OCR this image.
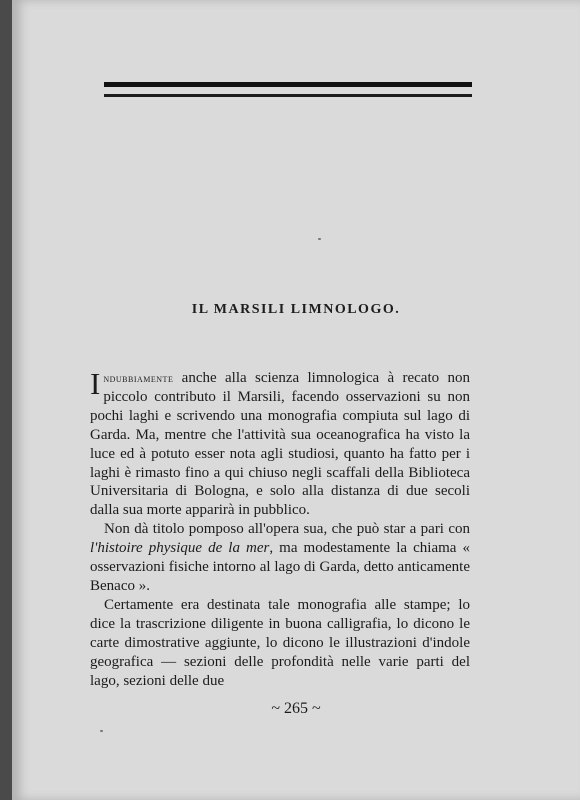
IL MARSILI LIMNOLOGO.

Indubbiamente anche alla scienza limnologica à recato non piccolo contributo il Marsili, facendo osservazioni su non pochi laghi e scrivendo una monografia compiuta sul lago di Garda. Ma, mentre che l'attività sua oceanografica ha visto la luce ed à potuto esser nota agli studiosi, quanto ha fatto per i laghi è rimasto fino a qui chiuso negli scaffali della Biblioteca Universitaria di Bologna, e solo alla distanza di due secoli dalla sua morte apparirà in pubblico.

Non dà titolo pomposo all'opera sua, che può star a pari con l'histoire physique de la mer, ma modestamente la chiama « osservazioni fisiche intorno al lago di Garda, detto anticamente Benaco ».

Certamente era destinata tale monografia alle stampe; lo dice la trascrizione diligente in buona calligrafia, lo dicono le carte dimostrative aggiunte, lo dicono le illustrazioni d'indole geografica — sezioni delle profondità nelle varie parti del lago, sezioni delle due

~ 265 ~
